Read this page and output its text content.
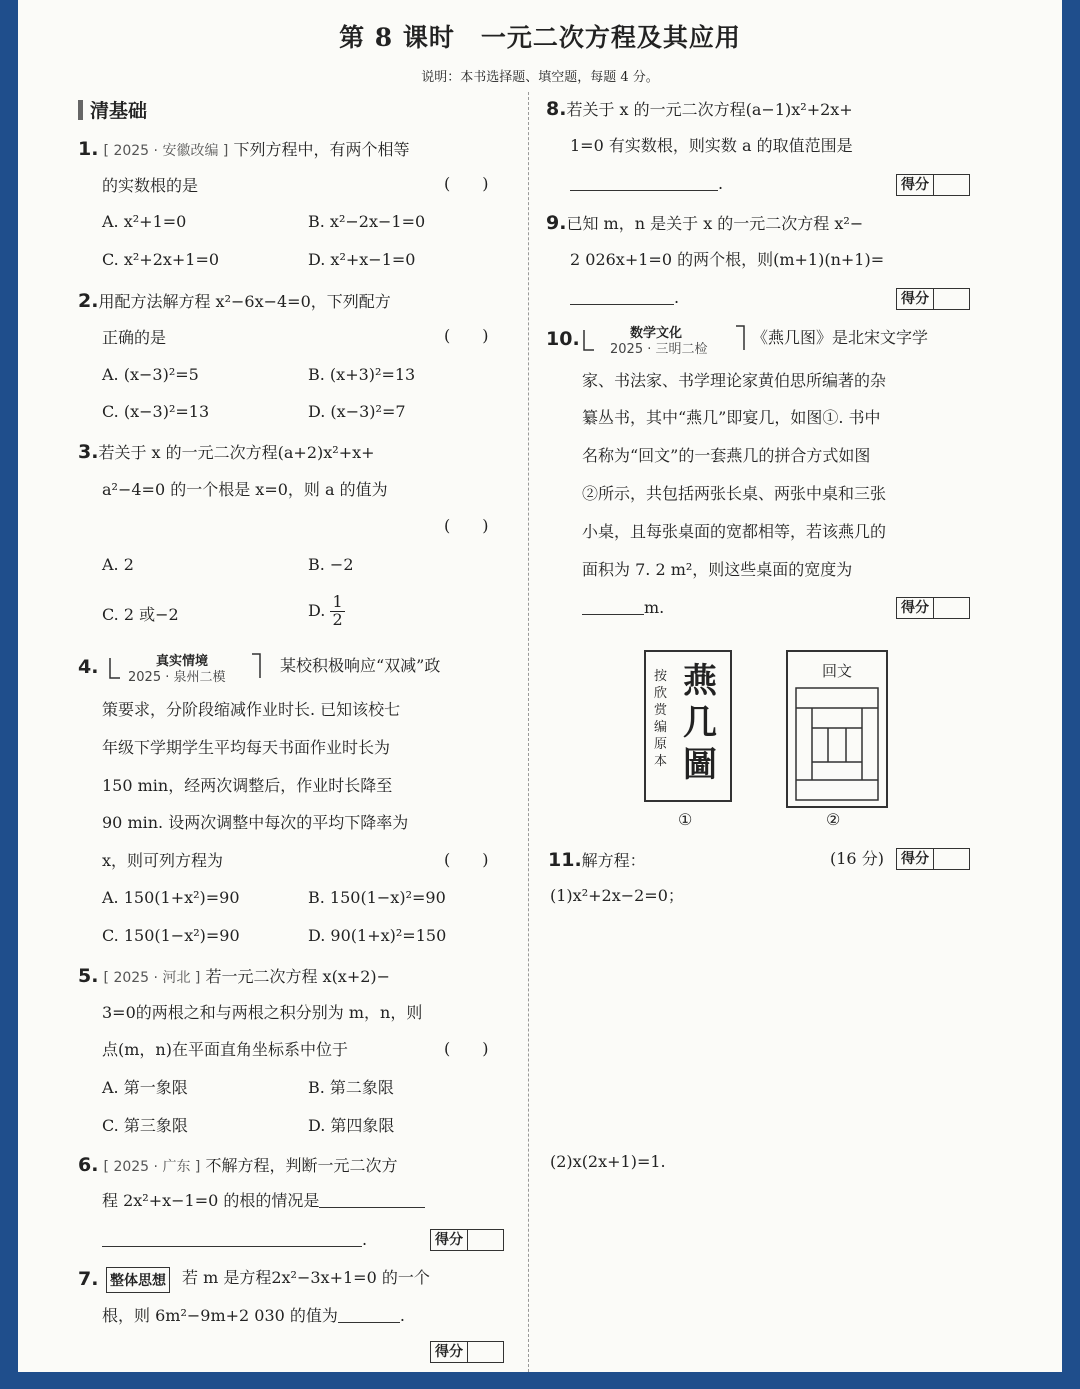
第 8 课时　一元二次方程及其应用
说明：本书选择题、填空题，每题 4 分。
清基础
1. [ 2025 · 安徽改编 ] 下列方程中，有两个相等
的实数根的是	(　　)
A. x²+1=0	B. x²−2x−1=0
C. x²+2x+1=0	D. x²+x−1=0
2.用配方法解方程 x²−6x−4=0，下列配方
正确的是	(　　)
A. (x−3)²=5	B. (x+3)²=13
C. (x−3)²=13	D. (x−3)²=7
3.若关于 x 的一元二次方程(a+2)x²+x+
a²−4=0 的一个根是 x=0，则 a 的值为
(　　)
A. 2	B. −2
C. 2 或−2	D. $\frac{1}{2}$
4.	真实情境
2025 · 泉州二模
某校积极响应“双减”政
策要求，分阶段缩减作业时长. 已知该校七
年级下学期学生平均每天书面作业时长为
150 min，经两次调整后，作业时长降至
90 min. 设两次调整中每次的平均下降率为
x，则可列方程为	(　　)
A. 150(1+x²)=90	B. 150(1−x)²=90
C. 150(1−x²)=90	D. 90(1+x)²=150
5. [ 2025 · 河北 ] 若一元二次方程 x(x+2)−
3=0的两根之和与两根之积分别为 m，n，则
点(m，n)在平面直角坐标系中位于	(　　)
A. 第一象限	B. 第二象限
C. 第三象限	D. 第四象限
6. [ 2025 · 广东 ] 不解方程，判断一元二次方
程 2x²+x−1=0 的根的情况是
.	得分
7. 整体思想 若 m 是方程2x²−3x+1=0 的一个
根，则 6m²−9m+2 030 的值为	.
得分
8.若关于 x 的一元二次方程(a−1)x²+2x+
1=0 有实数根，则实数 a 的取值范围是
.	得分
9.已知 m，n 是关于 x 的一元二次方程 x²−
2 026x+1=0 的两个根，则(m+1)(n+1)=
.	得分
10.	数学文化
2025 · 三明二检
《燕几图》是北宋文字学
家、书法家、书学理论家黄伯思所编著的杂
纂丛书，其中“燕几”即宴几，如图①. 书中
名称为“回文”的一套燕几的拼合方式如图
②所示，共包括两张长桌、两张中桌和三张
小桌，且每张桌面的宽都相等，若该燕几的
面积为 7. 2 m²，则这些桌面的宽度为
m.	得分
按欣赏编原本
燕几圖
①
回文
②
11.解方程：	(16 分)	得分
(1)x²+2x−2=0；
(2)x(2x+1)=1.
